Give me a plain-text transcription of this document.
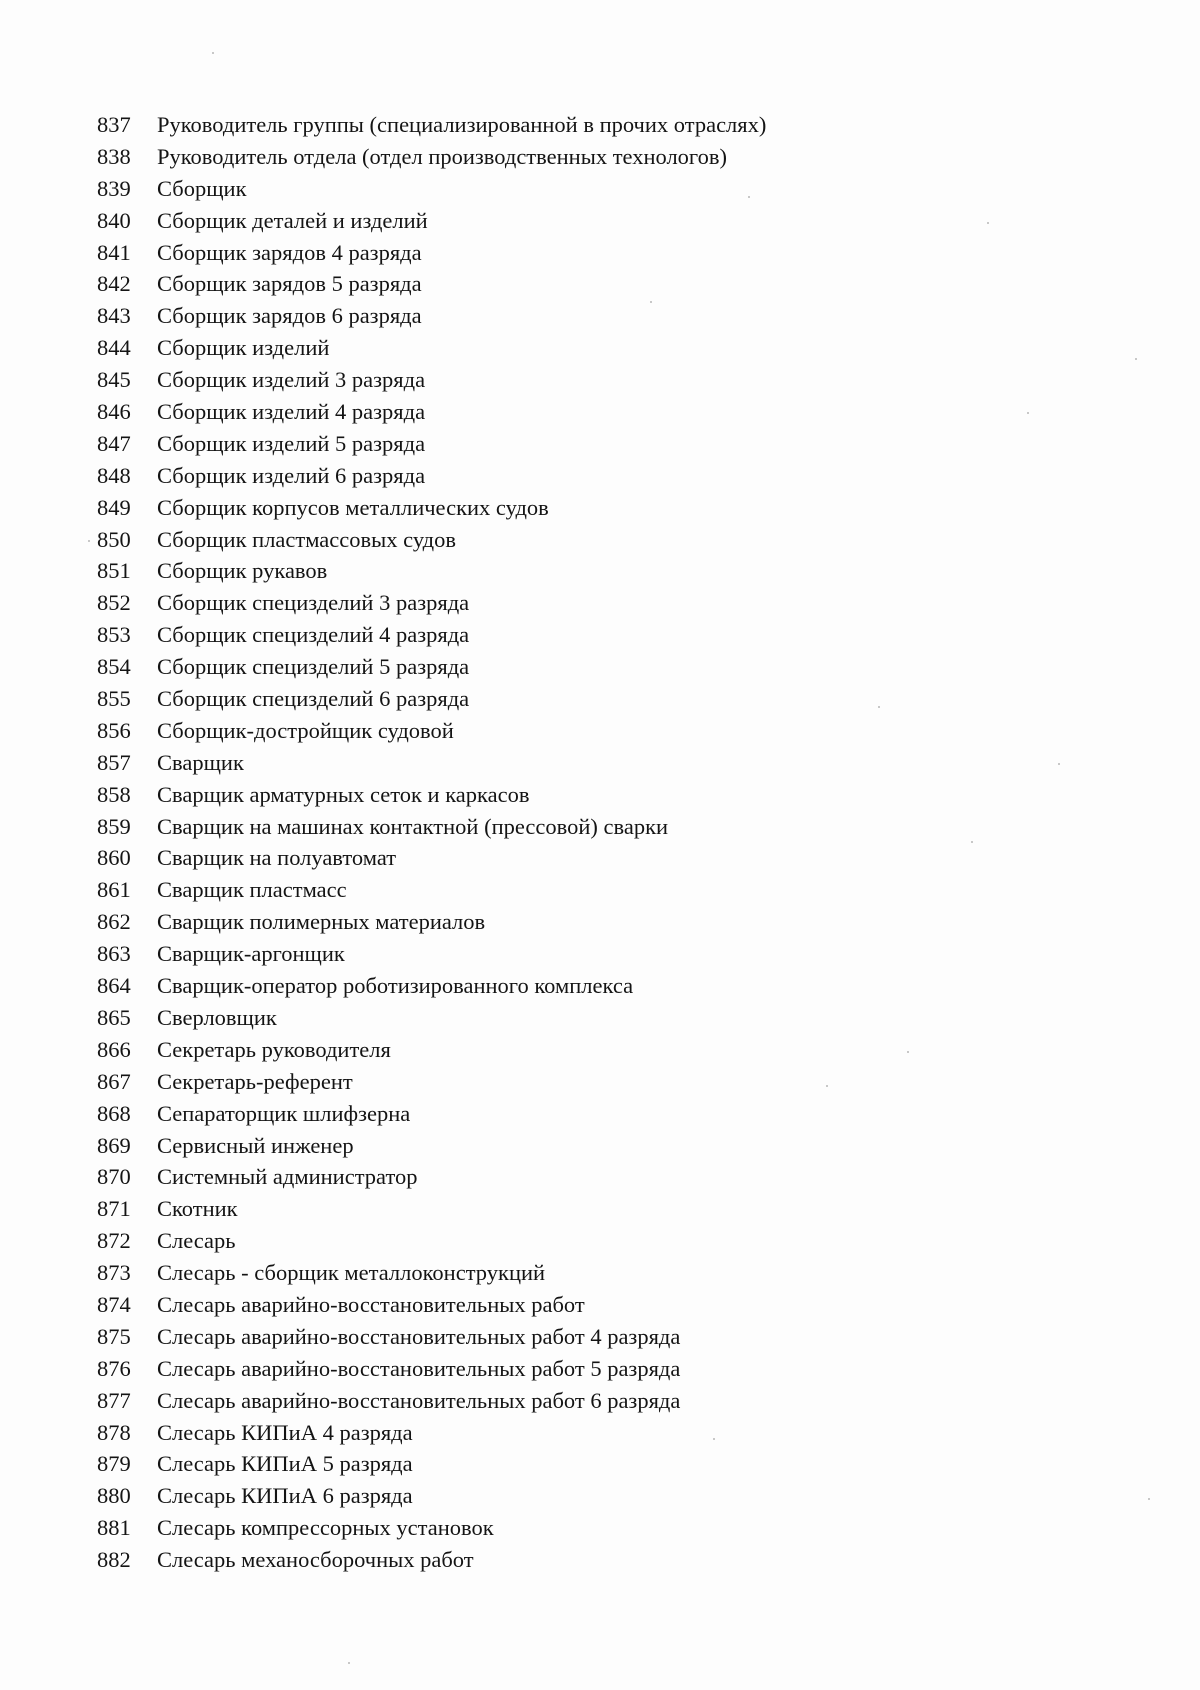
837	Руководитель группы (специализированной в прочих отраслях)
838	Руководитель отдела (отдел производственных технологов)
839	Сборщик
840	Сборщик деталей и изделий
841	Сборщик зарядов 4 разряда
842	Сборщик зарядов 5 разряда
843	Сборщик зарядов 6 разряда
844	Сборщик изделий
845	Сборщик изделий 3 разряда
846	Сборщик изделий 4 разряда
847	Сборщик изделий 5 разряда
848	Сборщик изделий 6 разряда
849	Сборщик корпусов металлических судов
850	Сборщик пластмассовых судов
851	Сборщик рукавов
852	Сборщик специзделий 3 разряда
853	Сборщик специзделий 4 разряда
854	Сборщик специзделий 5 разряда
855	Сборщик специзделий 6 разряда
856	Сборщик-достройщик судовой
857	Сварщик
858	Сварщик арматурных сеток и каркасов
859	Сварщик на машинах контактной (прессовой) сварки
860	Сварщик на полуавтомат
861	Сварщик пластмасс
862	Сварщик полимерных материалов
863	Сварщик-аргонщик
864	Сварщик-оператор роботизированного комплекса
865	Сверловщик
866	Секретарь руководителя
867	Секретарь-референт
868	Сепараторщик шлифзерна
869	Сервисный инженер
870	Системный администратор
871	Скотник
872	Слесарь
873	Слесарь - сборщик металлоконструкций
874	Слесарь аварийно-восстановительных работ
875	Слесарь аварийно-восстановительных работ 4 разряда
876	Слесарь аварийно-восстановительных работ 5 разряда
877	Слесарь аварийно-восстановительных работ 6 разряда
878	Слесарь КИПиА 4 разряда
879	Слесарь КИПиА 5 разряда
880	Слесарь КИПиА 6 разряда
881	Слесарь компрессорных установок
882	Слесарь механосборочных работ
